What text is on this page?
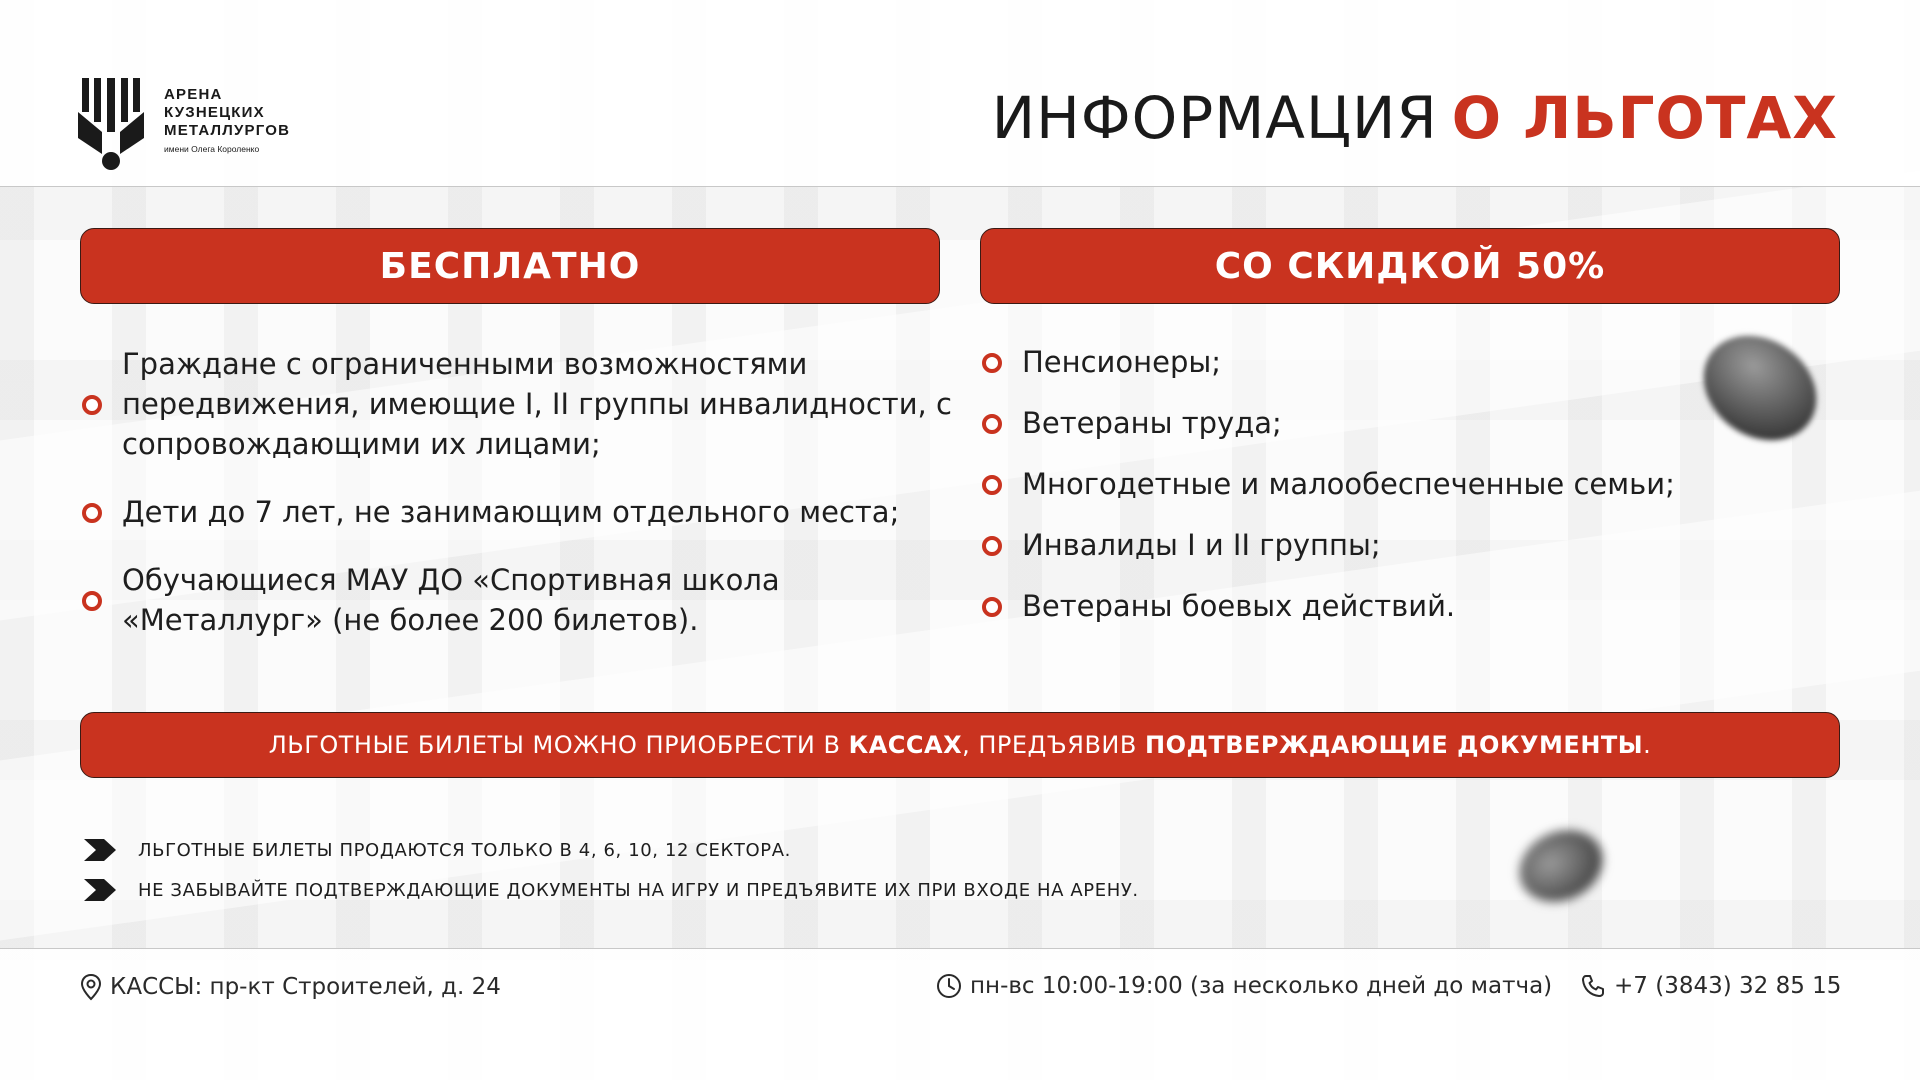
АРЕНА
КУЗНЕЦКИХ
МЕТАЛЛУРГОВ
имени Олега Короленко	ИНФОРМАЦИЯ О ЛЬГОТАХ
БЕСПЛАТНО	СО СКИДКОЙ 50%
Граждане с ограниченными возможностями передвижения, имеющие I, II группы инвалидности, с сопровождающими их лицами;
Дети до 7 лет, не занимающим отдельного места;
Обучающиеся МАУ ДО «Спортивная школа «Металлург» (не более 200 билетов).
Пенсионеры;
Ветераны труда;
Многодетные и малообеспеченные семьи;
Инвалиды I и II группы;
Ветераны боевых действий.
ЛЬГОТНЫЕ БИЛЕТЫ МОЖНО ПРИОБРЕСТИ В
КАССАХ , ПРЕДЪЯВИВ
ПОДТВЕРЖДАЮЩИЕ ДОКУМЕНТЫ .
ЛЬГОТНЫЕ БИЛЕТЫ ПРОДАЮТСЯ ТОЛЬКО В 4, 6, 10, 12 СЕКТОРА.
НЕ ЗАБЫВАЙТЕ ПОДТВЕРЖДАЮЩИЕ ДОКУМЕНТЫ НА ИГРУ И ПРЕДЪЯВИТЕ ИХ ПРИ ВХОДЕ НА АРЕНУ.
КАССЫ: пр-кт Строителей, д. 24	пн-вс 10:00-19:00 (за несколько дней до матча)	+7 (3843) 32 85 15
